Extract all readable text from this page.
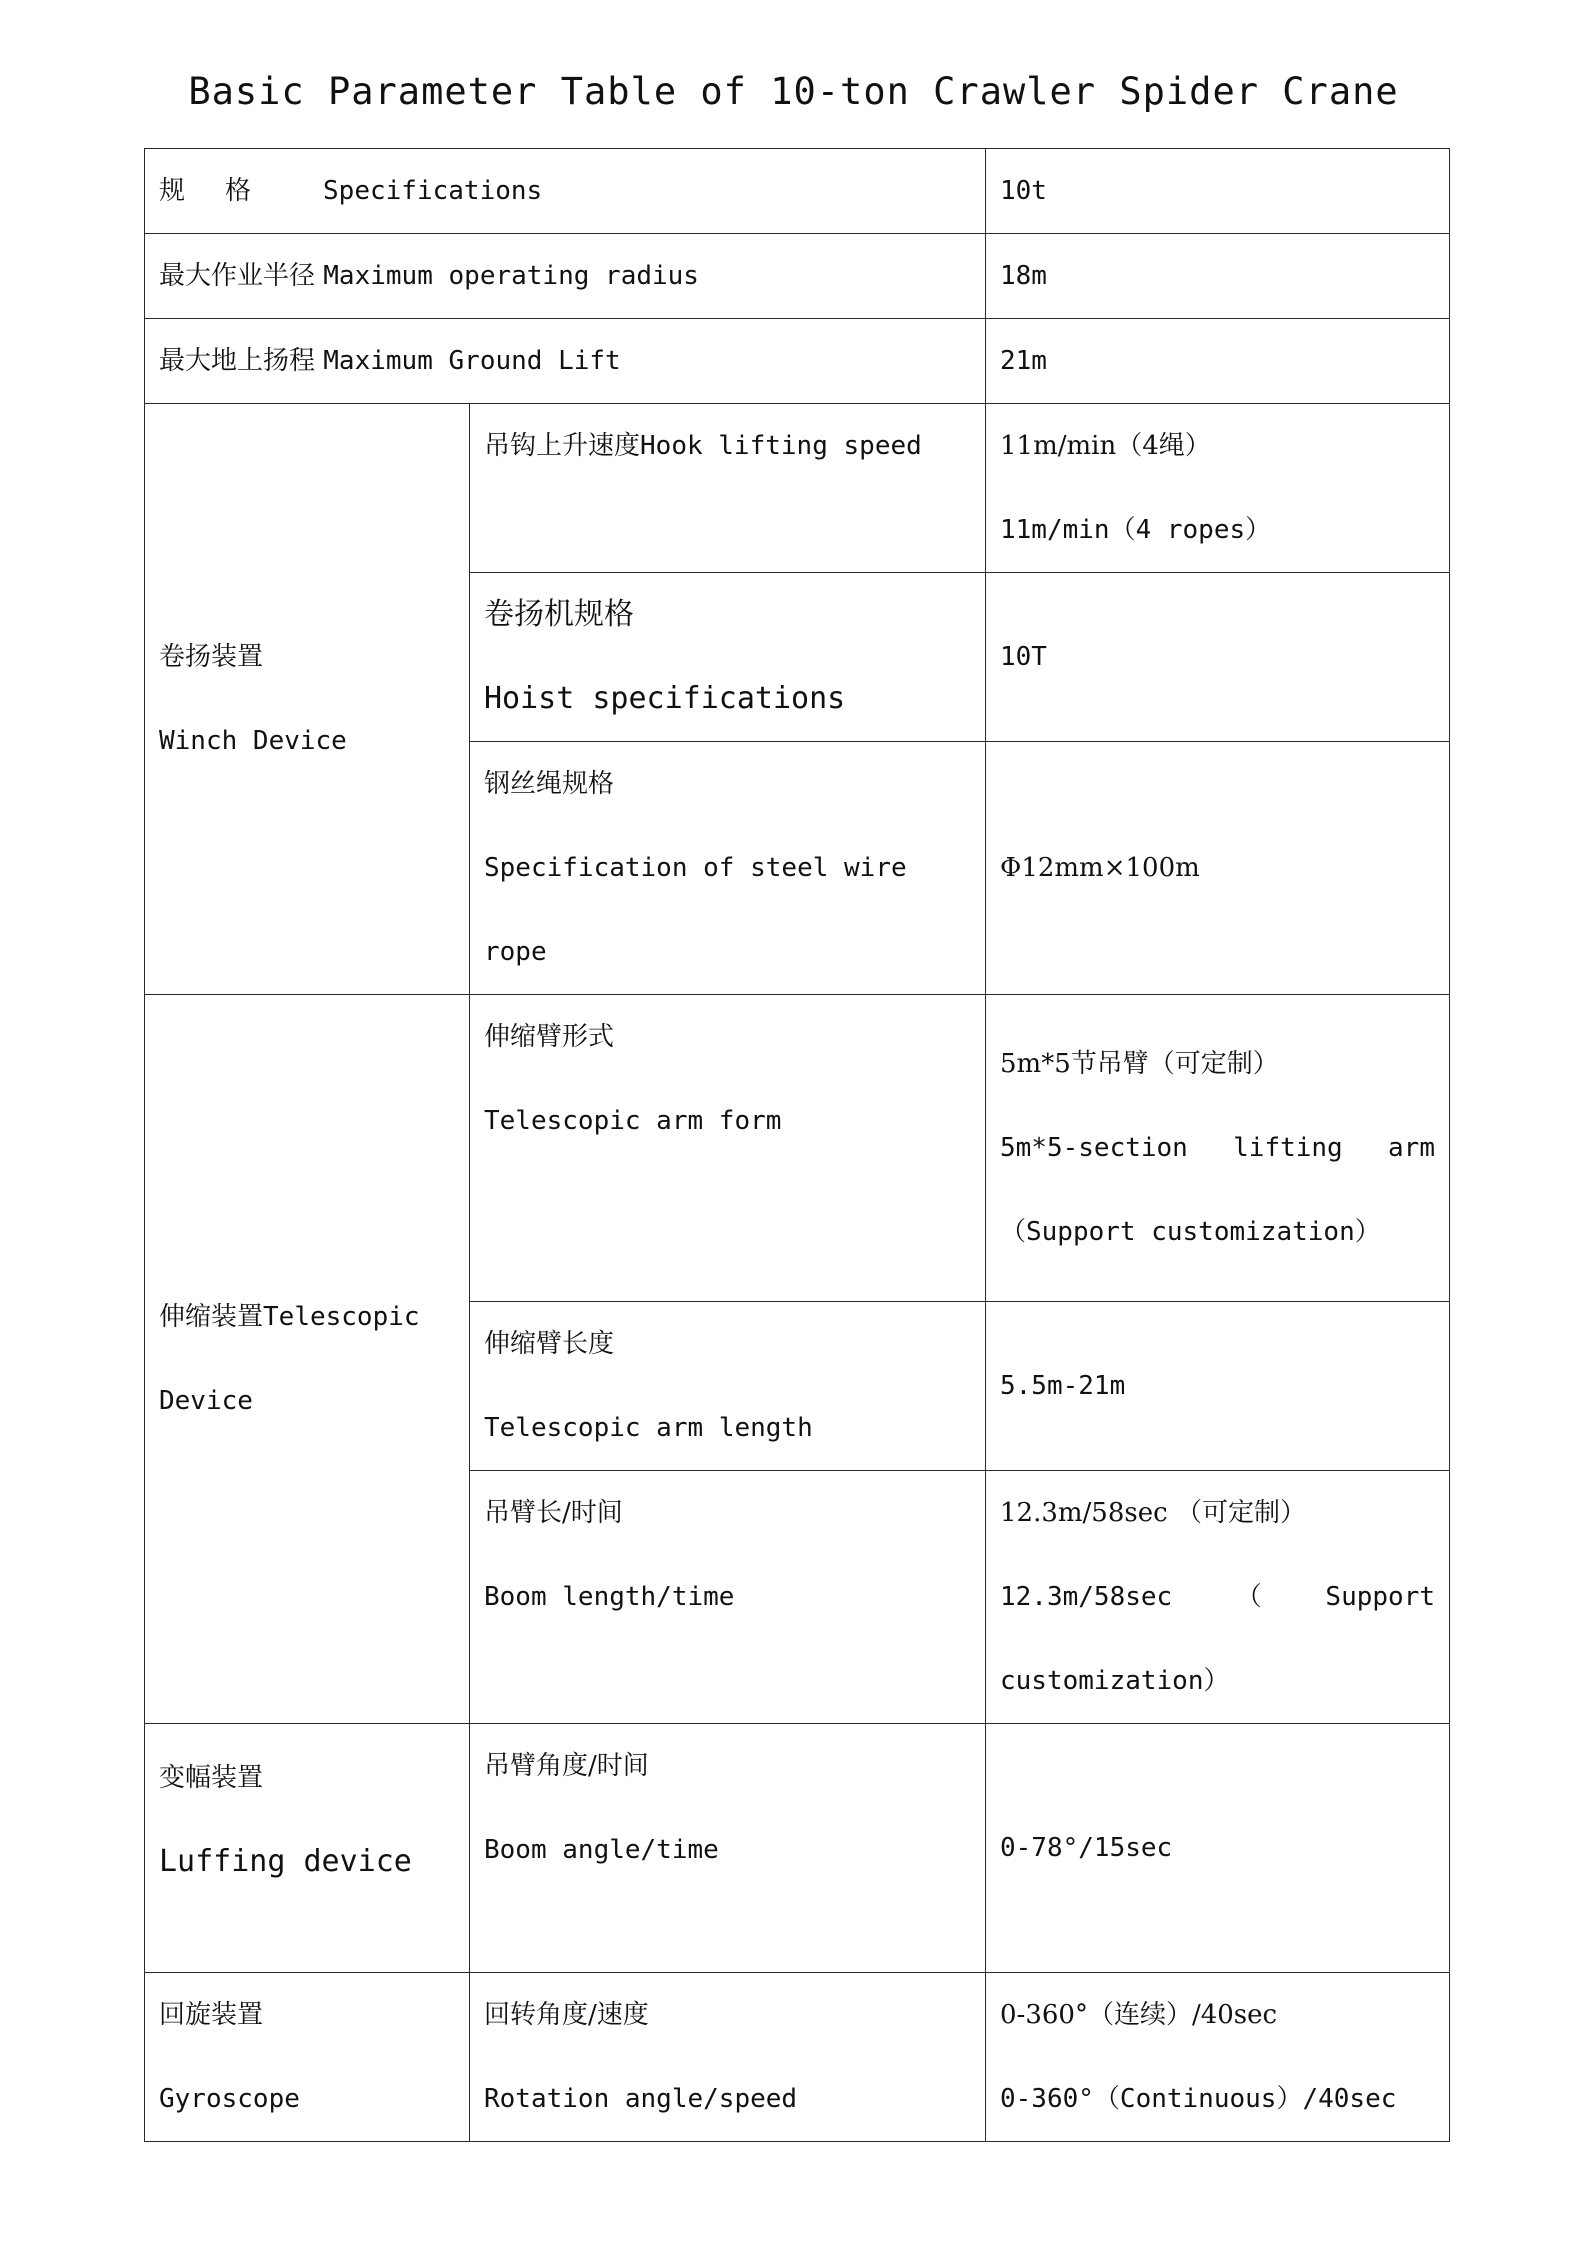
Basic Parameter Table of 10-ton Crawler Spider Crane
规 格 Specifications		10t
最大作业半径 Maximum operating radius		18m
最大地上扬程 Maximum Ground Lift		21m

卷扬装置
Winch Device	吊钩上升速度Hook lifting speed	11m/min（4绳）
11m/min（4 ropes）

	卷扬机规格
Hoist specifications	10T

	钢丝绳规格
Specification of steel wire rope	Φ12mm×100m

伸缩装置Telescopic
Device	伸缩臂形式
Telescopic arm form	5m*5节吊臂（可定制）
5m*5-section lifting arm
（Support customization）

	伸缩臂长度
Telescopic arm length	5.5m-21m

	吊臂长/时间
Boom length/time	12.3m/58sec （可定制）
12.3m/58sec （ Support
customization）

变幅装置
Luffing device	吊臂角度/时间
Boom angle/time	0-78°/15sec

回旋装置
Gyroscope	回转角度/速度
Rotation angle/speed	0-360°（连续）/40sec
0-360°（Continuous）/40sec
